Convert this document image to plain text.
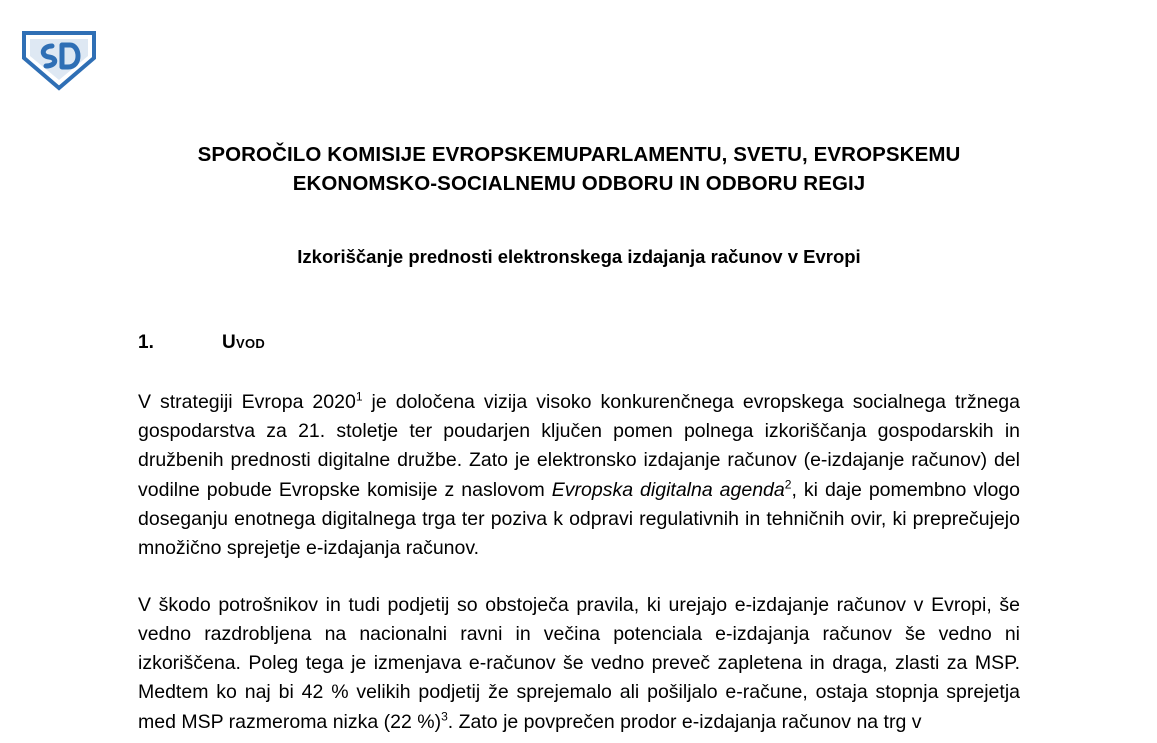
SPOROČILO KOMISIJE EVROPSKEMUPARLAMENTU, SVETU, EVROPSKEMU EKONOMSKO-SOCIALNEMU ODBORU IN ODBORU REGIJ
Izkoriščanje prednosti elektronskega izdajanja računov v Evropi
1.	Uvod

V strategiji Evropa 2020$^1$ je določena vizija visoko konkurenčnega evropskega socialnega tržnega gospodarstva za 21. stoletje ter poudarjen ključen pomen polnega izkoriščanja gospodarskih in družbenih prednosti digitalne družbe. Zato je elektronsko izdajanje računov (e-izdajanje računov) del vodilne pobude Evropske komisije z naslovom Evropska digitalna agenda$^2$, ki daje pomembno vlogo doseganju enotnega digitalnega trga ter poziva k odpravi regulativnih in tehničnih ovir, ki preprečujejo množično sprejetje e-izdajanja računov.

V škodo potrošnikov in tudi podjetij so obstoječa pravila, ki urejajo e-izdajanje računov v Evropi, še vedno razdrobljena na nacionalni ravni in večina potenciala e-izdajanja računov še vedno ni izkoriščena. Poleg tega je izmenjava e-računov še vedno preveč zapletena in draga, zlasti za MSP. Medtem ko naj bi 42 % velikih podjetij že sprejemalo ali pošiljalo e-račune, ostaja stopnja sprejetja med MSP razmeroma nizka (22 %)$^3$. Zato je povprečen prodor e-izdajanja računov na trg v
